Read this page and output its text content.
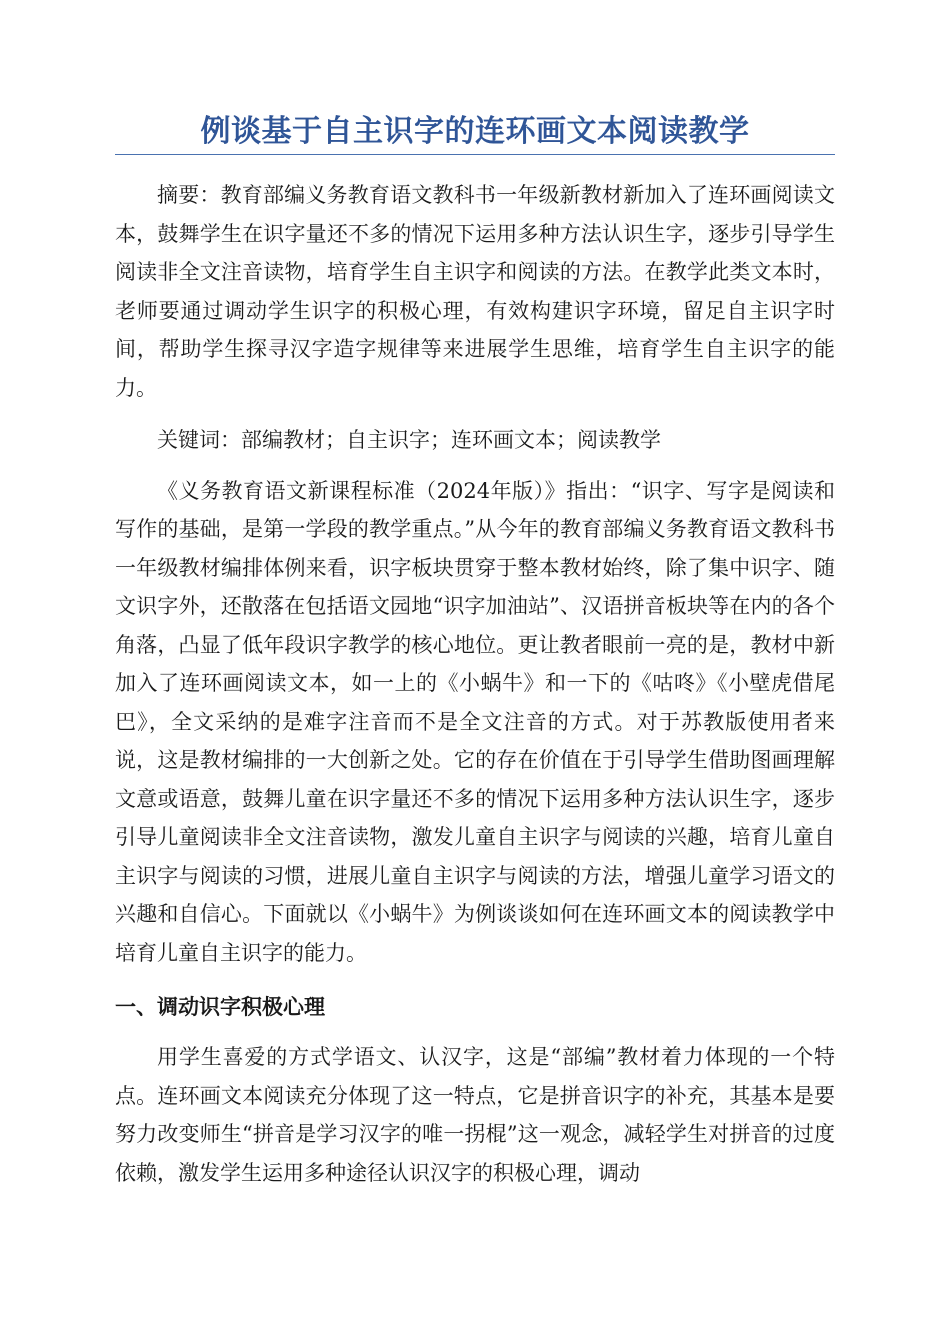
例谈基于自主识字的连环画文本阅读教学

摘要：教育部编义务教育语文教科书一年级新教材新加入了连环画阅读文本，鼓舞学生在识字量还不多的情况下运用多种方法认识生字，逐步引导学生阅读非全文注音读物，培育学生自主识字和阅读的方法。在教学此类文本时，老师要通过调动学生识字的积极心理，有效构建识字环境，留足自主识字时间，帮助学生探寻汉字造字规律等来进展学生思维，培育学生自主识字的能力。

关键词：部编教材；自主识字；连环画文本；阅读教学

《义务教育语文新课程标准（2024年版）》指出：“识字、写字是阅读和写作的基础，是第一学段的教学重点。”从今年的教育部编义务教育语文教科书一年级教材编排体例来看，识字板块贯穿于整本教材始终，除了集中识字、随文识字外，还散落在包括语文园地“识字加油站”、汉语拼音板块等在内的各个角落，凸显了低年段识字教学的核心地位。更让教者眼前一亮的是，教材中新加入了连环画阅读文本，如一上的《小蜗牛》和一下的《咕咚》《小壁虎借尾巴》，全文采纳的是难字注音而不是全文注音的方式。对于苏教版使用者来说，这是教材编排的一大创新之处。它的存在价值在于引导学生借助图画理解文意或语意，鼓舞儿童在识字量还不多的情况下运用多种方法认识生字，逐步引导儿童阅读非全文注音读物，激发儿童自主识字与阅读的兴趣，培育儿童自主识字与阅读的习惯，进展儿童自主识字与阅读的方法，增强儿童学习语文的兴趣和自信心。下面就以《小蜗牛》为例谈谈如何在连环画文本的阅读教学中培育儿童自主识字的能力。

一、调动识字积极心理

用学生喜爱的方式学语文、认汉字，这是“部编”教材着力体现的一个特点。连环画文本阅读充分体现了这一特点，它是拼音识字的补充，其基本是要努力改变师生“拼音是学习汉字的唯一拐棍”这一观念，减轻学生对拼音的过度依赖，激发学生运用多种途径认识汉字的积极心理，调动
